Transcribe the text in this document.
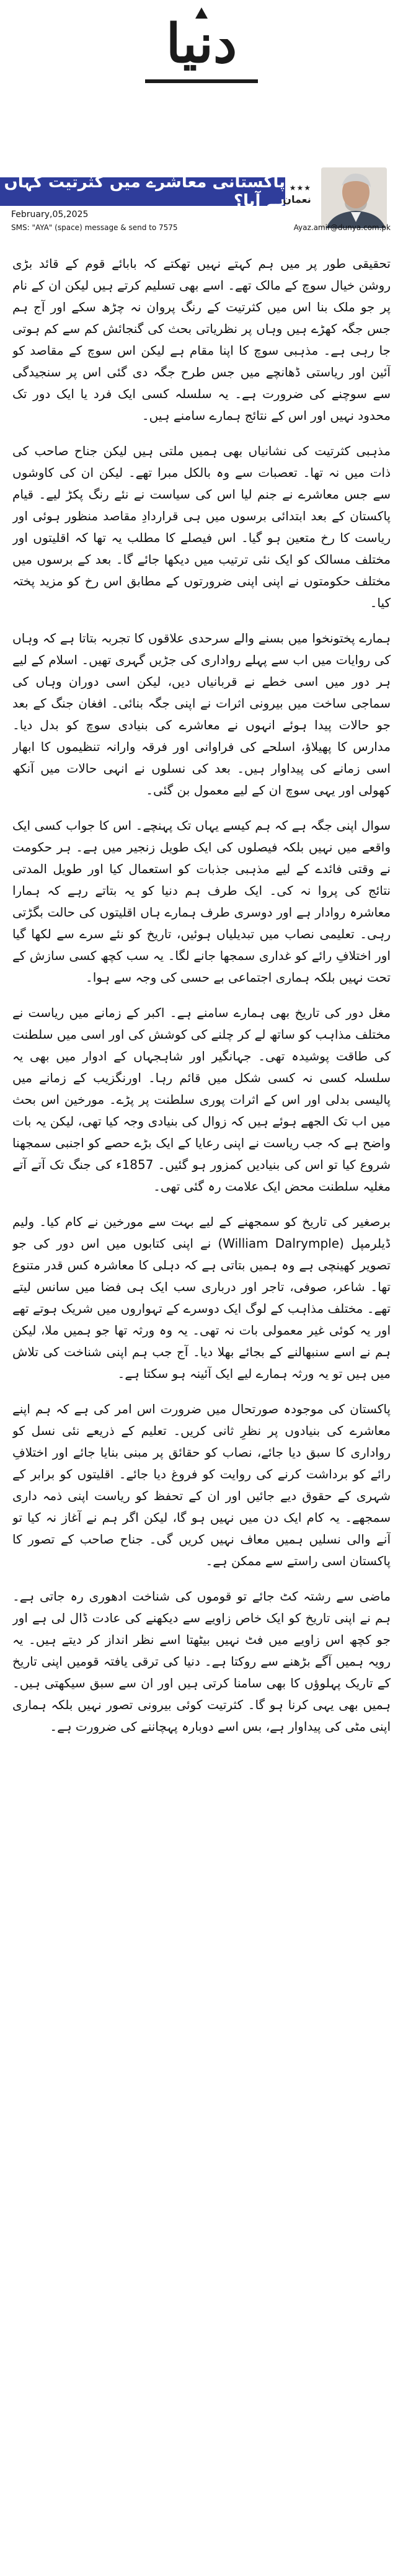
دنیا
پاکستانی معاشرے میں کثرتیت کہاں ہے آیا؟
★★★
نعمان
February,05,2025
SMS: "AYA" (space) message & send to 7575	Ayaz.amir@dunya.com.pk

تحقیقی طور پر میں ہم کہتے نہیں تھکتے کہ بابائے قوم کے قائد بڑی روشن خیال سوچ کے مالک تھے۔ اسے بھی تسلیم کرتے ہیں لیکن ان کے نام پر جو ملک بنا اس میں کثرتیت کے رنگ پروان نہ چڑھ سکے اور آج ہم جس جگہ کھڑے ہیں وہاں پر نظریاتی بحث کی گنجائش کم سے کم ہوتی جا رہی ہے۔ مذہبی سوچ کا اپنا مقام ہے لیکن اس سوچ کے مقاصد کو آئین اور ریاستی ڈھانچے میں جس طرح جگہ دی گئی اس پر سنجیدگی سے سوچنے کی ضرورت ہے۔ یہ سلسلہ کسی ایک فرد یا ایک دور تک محدود نہیں اور اس کے نتائج ہمارے سامنے ہیں۔

مذہبی کثرتیت کی نشانیاں بھی ہمیں ملتی ہیں لیکن جناح صاحب کی ذات میں نہ تھا۔ تعصبات سے وہ بالکل مبرا تھے۔ لیکن ان کی کاوشوں سے جس معاشرے نے جنم لیا اس کی سیاست نے نئے رنگ پکڑ لیے۔ قیام پاکستان کے بعد ابتدائی برسوں میں ہی قراردادِ مقاصد منظور ہوئی اور ریاست کا رخ متعین ہو گیا۔ اس فیصلے کا مطلب یہ تھا کہ اقلیتوں اور مختلف مسالک کو ایک نئی ترتیب میں دیکھا جائے گا۔ بعد کے برسوں میں مختلف حکومتوں نے اپنی اپنی ضرورتوں کے مطابق اس رخ کو مزید پختہ کیا۔

ہمارے پختونخوا میں بسنے والے سرحدی علاقوں کا تجربہ بتاتا ہے کہ وہاں کی روایات میں اب سے پہلے رواداری کی جڑیں گہری تھیں۔ اسلام کے لیے ہر دور میں اسی خطے نے قربانیاں دیں، لیکن اسی دوران وہاں کی سماجی ساخت میں بیرونی اثرات نے اپنی جگہ بنائی۔ افغان جنگ کے بعد جو حالات پیدا ہوئے انہوں نے معاشرے کی بنیادی سوچ کو بدل دیا۔ مدارس کا پھیلاؤ، اسلحے کی فراوانی اور فرقہ وارانہ تنظیموں کا ابھار اسی زمانے کی پیداوار ہیں۔ بعد کی نسلوں نے انہی حالات میں آنکھ کھولی اور یہی سوچ ان کے لیے معمول بن گئی۔

سوال اپنی جگہ ہے کہ ہم کیسے یہاں تک پہنچے۔ اس کا جواب کسی ایک واقعے میں نہیں بلکہ فیصلوں کی ایک طویل زنجیر میں ہے۔ ہر حکومت نے وقتی فائدے کے لیے مذہبی جذبات کو استعمال کیا اور طویل المدتی نتائج کی پروا نہ کی۔ ایک طرف ہم دنیا کو یہ بتاتے رہے کہ ہمارا معاشرہ روادار ہے اور دوسری طرف ہمارے ہاں اقلیتوں کی حالت بگڑتی رہی۔ تعلیمی نصاب میں تبدیلیاں ہوئیں، تاریخ کو نئے سرے سے لکھا گیا اور اختلافِ رائے کو غداری سمجھا جانے لگا۔ یہ سب کچھ کسی سازش کے تحت نہیں بلکہ ہماری اجتماعی بے حسی کی وجہ سے ہوا۔

مغل دور کی تاریخ بھی ہمارے سامنے ہے۔ اکبر کے زمانے میں ریاست نے مختلف مذاہب کو ساتھ لے کر چلنے کی کوشش کی اور اسی میں سلطنت کی طاقت پوشیدہ تھی۔ جہانگیر اور شاہجہاں کے ادوار میں بھی یہ سلسلہ کسی نہ کسی شکل میں قائم رہا۔ اورنگزیب کے زمانے میں پالیسی بدلی اور اس کے اثرات پوری سلطنت پر پڑے۔ مورخین اس بحث میں اب تک الجھے ہوئے ہیں کہ زوال کی بنیادی وجہ کیا تھی، لیکن یہ بات واضح ہے کہ جب ریاست نے اپنی رعایا کے ایک بڑے حصے کو اجنبی سمجھنا شروع کیا تو اس کی بنیادیں کمزور ہو گئیں۔ 1857ء کی جنگ تک آتے آتے مغلیہ سلطنت محض ایک علامت رہ گئی تھی۔

برصغیر کی تاریخ کو سمجھنے کے لیے بہت سے مورخین نے کام کیا۔ ولیم ڈیلرمپل (William Dalrymple) نے اپنی کتابوں میں اس دور کی جو تصویر کھینچی ہے وہ ہمیں بتاتی ہے کہ دہلی کا معاشرہ کس قدر متنوع تھا۔ شاعر، صوفی، تاجر اور درباری سب ایک ہی فضا میں سانس لیتے تھے۔ مختلف مذاہب کے لوگ ایک دوسرے کے تہواروں میں شریک ہوتے تھے اور یہ کوئی غیر معمولی بات نہ تھی۔ یہ وہ ورثہ تھا جو ہمیں ملا، لیکن ہم نے اسے سنبھالنے کے بجائے بھلا دیا۔ آج جب ہم اپنی شناخت کی تلاش میں ہیں تو یہ ورثہ ہمارے لیے ایک آئینہ ہو سکتا ہے۔

پاکستان کی موجودہ صورتحال میں ضرورت اس امر کی ہے کہ ہم اپنے معاشرے کی بنیادوں پر نظرِ ثانی کریں۔ تعلیم کے ذریعے نئی نسل کو رواداری کا سبق دیا جائے، نصاب کو حقائق پر مبنی بنایا جائے اور اختلافِ رائے کو برداشت کرنے کی روایت کو فروغ دیا جائے۔ اقلیتوں کو برابر کے شہری کے حقوق دیے جائیں اور ان کے تحفظ کو ریاست اپنی ذمہ داری سمجھے۔ یہ کام ایک دن میں نہیں ہو گا، لیکن اگر ہم نے آغاز نہ کیا تو آنے والی نسلیں ہمیں معاف نہیں کریں گی۔ جناح صاحب کے تصور کا پاکستان اسی راستے سے ممکن ہے۔

ماضی سے رشتہ کٹ جائے تو قوموں کی شناخت ادھوری رہ جاتی ہے۔ ہم نے اپنی تاریخ کو ایک خاص زاویے سے دیکھنے کی عادت ڈال لی ہے اور جو کچھ اس زاویے میں فٹ نہیں بیٹھتا اسے نظر انداز کر دیتے ہیں۔ یہ رویہ ہمیں آگے بڑھنے سے روکتا ہے۔ دنیا کی ترقی یافتہ قومیں اپنی تاریخ کے تاریک پہلوؤں کا بھی سامنا کرتی ہیں اور ان سے سبق سیکھتی ہیں۔ ہمیں بھی یہی کرنا ہو گا۔ کثرتیت کوئی بیرونی تصور نہیں بلکہ ہماری اپنی مٹی کی پیداوار ہے، بس اسے دوبارہ پہچاننے کی ضرورت ہے۔
